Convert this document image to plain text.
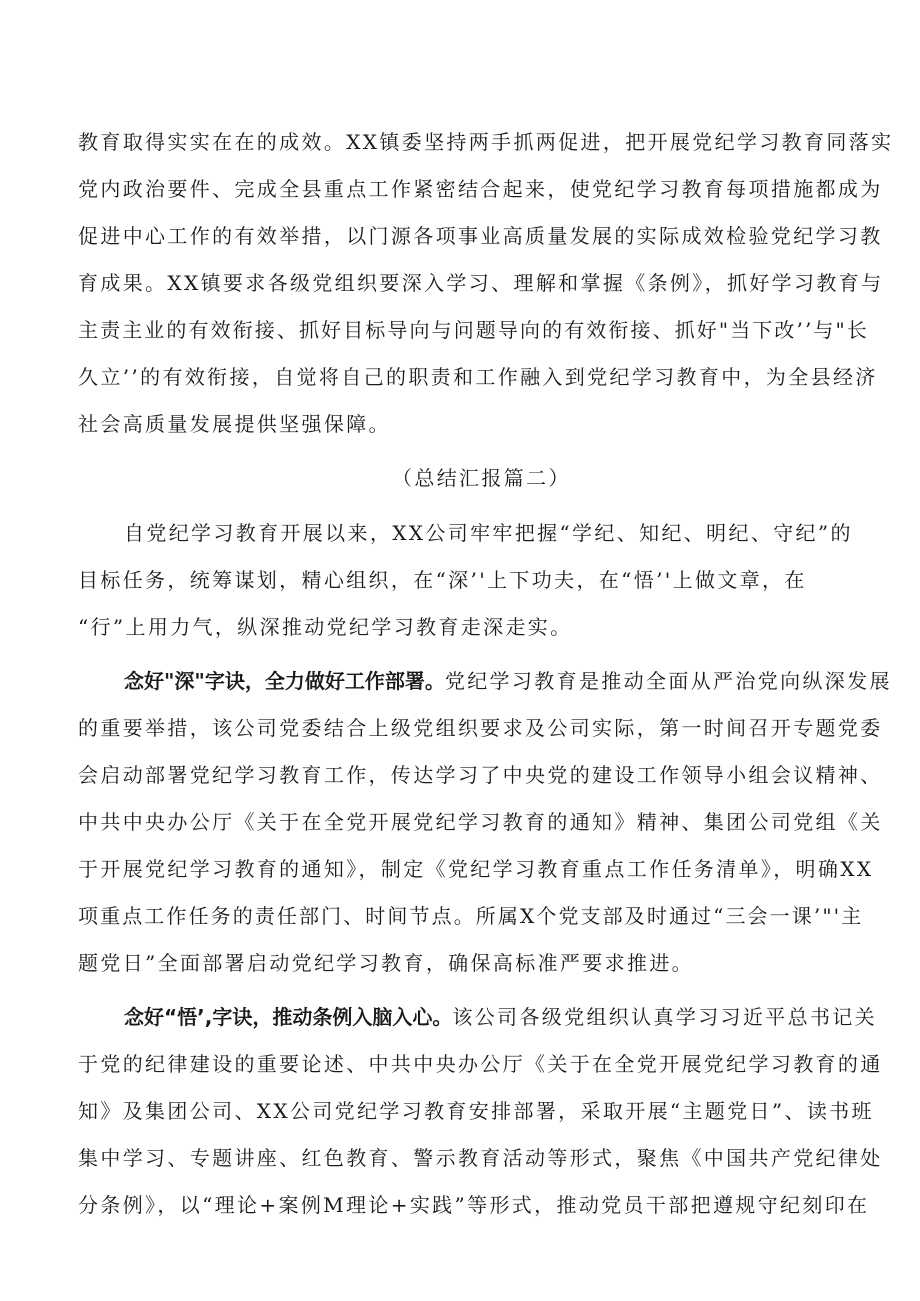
教育取得实实在在的成效。XX镇委坚持两手抓两促进，把开展党纪学习教育同落实
党内政治要件、完成全县重点工作紧密结合起来，使党纪学习教育每项措施都成为
促进中心工作的有效举措，以门源各项事业高质量发展的实际成效检验党纪学习教
育成果。XX镇要求各级党组织要深入学习、理解和掌握《条例》，抓好学习教育与
主责主业的有效衔接、抓好目标导向与问题导向的有效衔接、抓好"当下改’’与"长
久立’’的有效衔接，自觉将自己的职责和工作融入到党纪学习教育中，为全县经济
社会高质量发展提供坚强保障。
（总结汇报篇二）
自党纪学习教育开展以来，XX公司牢牢把握“学纪、知纪、明纪、守纪”的
目标任务，统筹谋划，精心组织，在“深’'上下功夫，在“悟’'上做文章，在
“行”上用力气，纵深推动党纪学习教育走深走实。
念好"深"字诀，全力做好工作部署。党纪学习教育是推动全面从严治党向纵深发展
的重要举措，该公司党委结合上级党组织要求及公司实际，第一时间召开专题党委
会启动部署党纪学习教育工作，传达学习了中央党的建设工作领导小组会议精神、
中共中央办公厅《关于在全党开展党纪学习教育的通知》精神、集团公司党组《关
于开展党纪学习教育的通知》，制定《党纪学习教育重点工作任务清单》，明确XX
项重点工作任务的责任部门、时间节点。所属X个党支部及时通过“三会一课’"'主
题党日”全面部署启动党纪学习教育，确保高标准严要求推进。
念好“悟’,字诀，推动条例入脑入心。该公司各级党组织认真学习习近平总书记关
于党的纪律建设的重要论述、中共中央办公厅《关于在全党开展党纪学习教育的通
知》及集团公司、XX公司党纪学习教育安排部署，采取开展“主题党日”、读书班
集中学习、专题讲座、红色教育、警示教育活动等形式，聚焦《中国共产党纪律处
分条例》，以“理论+案例M理论+实践”等形式，推动党员干部把遵规守纪刻印在
